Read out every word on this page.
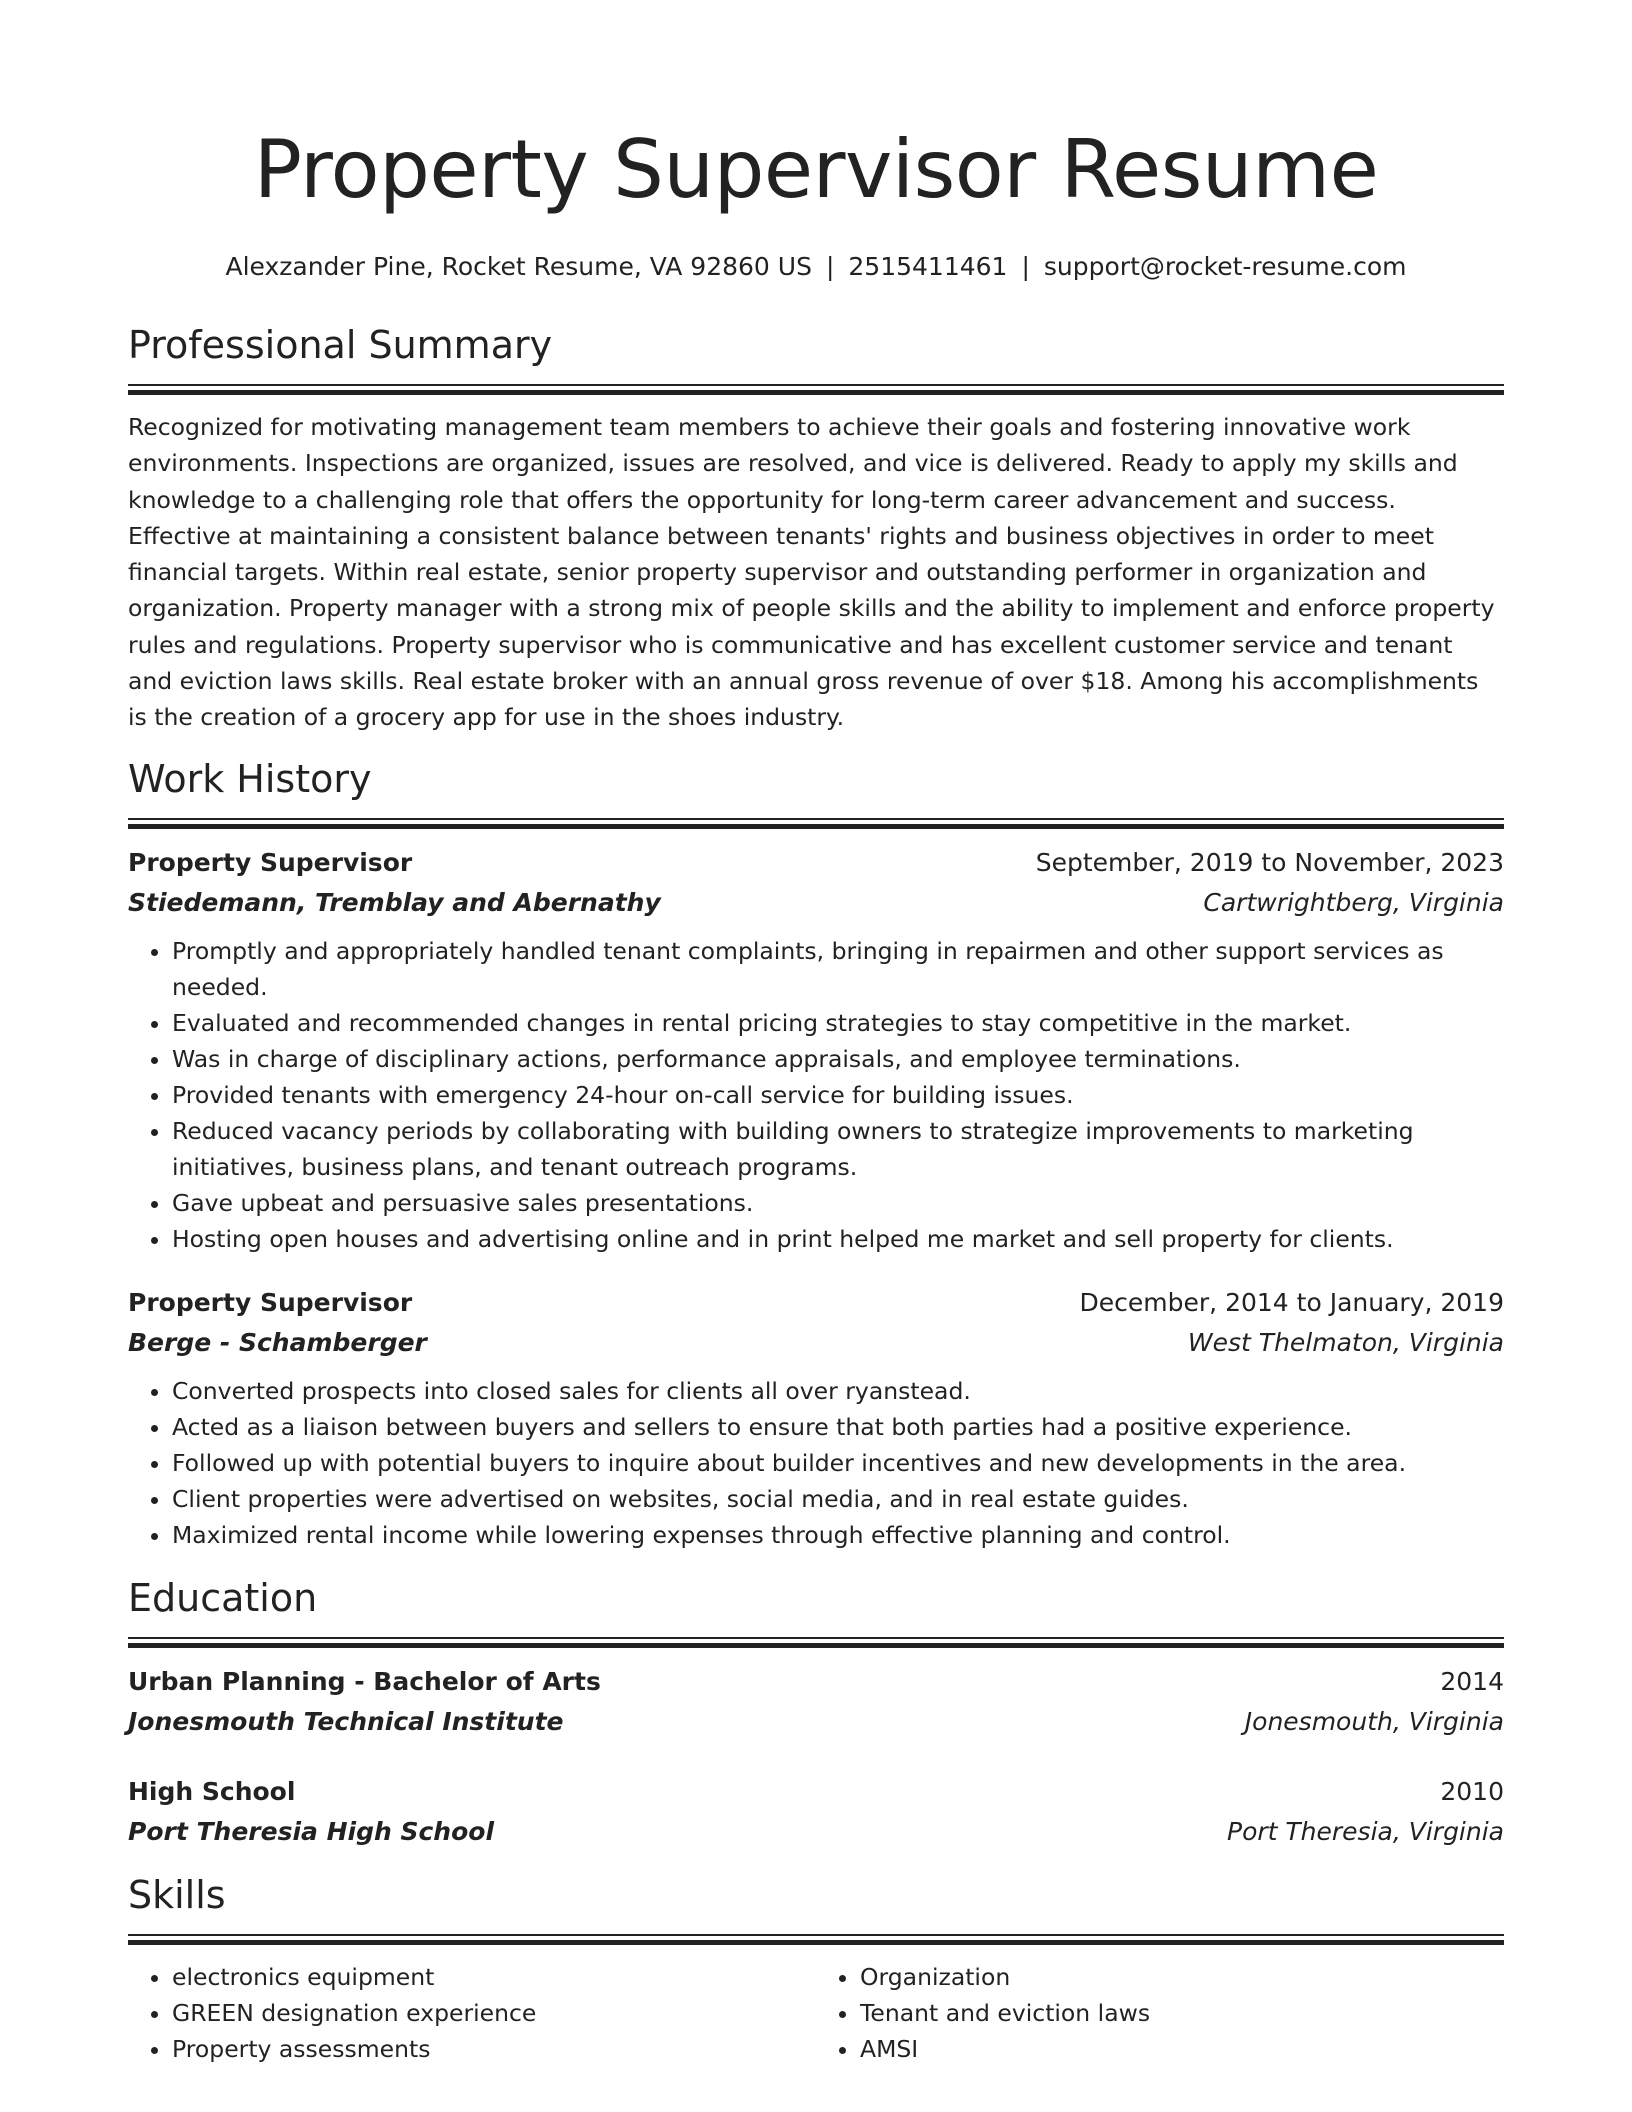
Property Supervisor Resume
Alexzander Pine, Rocket Resume, VA 92860 US | 2515411461 | support@rocket-resume.com
Professional Summary

Recognized for motivating management team members to achieve their goals and fostering innovative work environments. Inspections are organized, issues are resolved, and vice is delivered. Ready to apply my skills and knowledge to a challenging role that offers the opportunity for long-term career advancement and success. Effective at maintaining a consistent balance between tenants' rights and business objectives in order to meet financial targets. Within real estate, senior property supervisor and outstanding performer in organization and organization. Property manager with a strong mix of people skills and the ability to implement and enforce property rules and regulations. Property supervisor who is communicative and has excellent customer service and tenant and eviction laws skills. Real estate broker with an annual gross revenue of over $18. Among his accomplishments is the creation of a grocery app for use in the shoes industry.

Work History
Property Supervisor	September, 2019 to November, 2023
Stiedemann, Tremblay and Abernathy	Cartwrightberg, Virginia
• Promptly and appropriately handled tenant complaints, bringing in repairmen and other support services as needed.
• Evaluated and recommended changes in rental pricing strategies to stay competitive in the market.
• Was in charge of disciplinary actions, performance appraisals, and employee terminations.
• Provided tenants with emergency 24-hour on-call service for building issues.
• Reduced vacancy periods by collaborating with building owners to strategize improvements to marketing initiatives, business plans, and tenant outreach programs.
• Gave upbeat and persuasive sales presentations.
• Hosting open houses and advertising online and in print helped me market and sell property for clients.
Property Supervisor	December, 2014 to January, 2019
Berge - Schamberger	West Thelmaton, Virginia
• Converted prospects into closed sales for clients all over ryanstead.
• Acted as a liaison between buyers and sellers to ensure that both parties had a positive experience.
• Followed up with potential buyers to inquire about builder incentives and new developments in the area.
• Client properties were advertised on websites, social media, and in real estate guides.
• Maximized rental income while lowering expenses through effective planning and control.
Education
Urban Planning - Bachelor of Arts	2014
Jonesmouth Technical Institute	Jonesmouth, Virginia
High School	2010
Port Theresia High School	Port Theresia, Virginia
Skills
• electronics equipment
• GREEN designation experience
• Property assessments
• Organization
• Tenant and eviction laws
• AMSI
